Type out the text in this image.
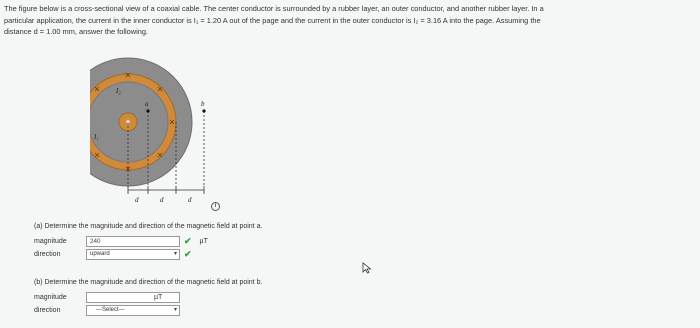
The figure below is a cross-sectional view of a coaxial cable. The center conductor is surrounded by a rubber layer, an outer conductor, and another rubber layer. In a
particular application, the current in the inner conductor is I₁ = 1.20 A out of the page and the current in the outer conductor is I₂ = 3.16 A into the page. Assuming the
distance d = 1.00 mm, answer the following.
I₂
I₁
a	b
d	d	d
i
(a) Determine the magnitude and direction of the magnetic field at point a.
magnitude	240	✔ µT
direction	upward	▾ ✔
(b) Determine the magnitude and direction of the magnetic field at point b.
magnitude	µT
direction	---Select---	▾
